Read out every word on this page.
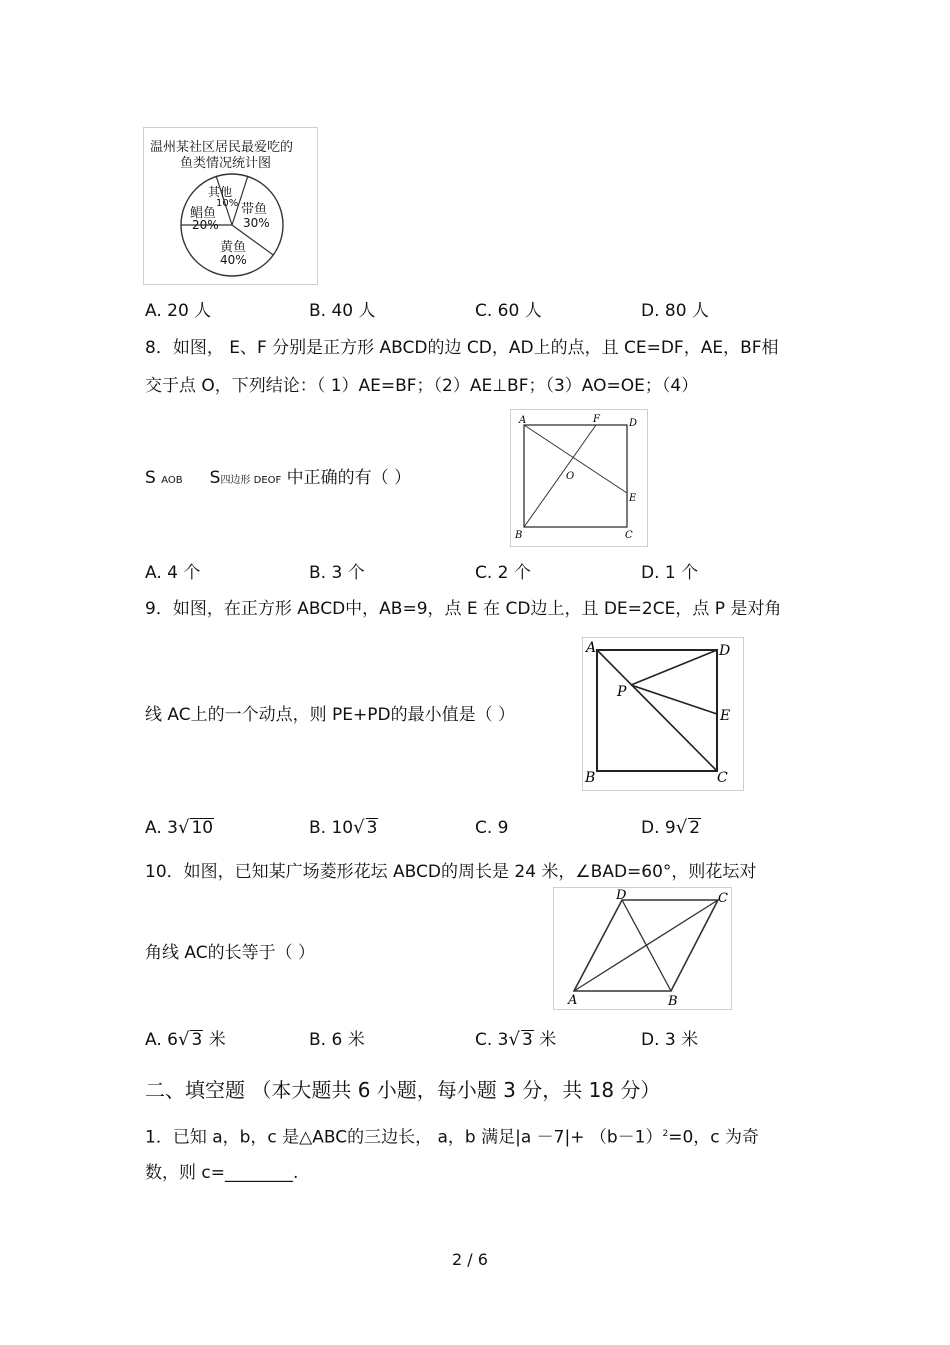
温州某社区居民最爱吃的
鱼类情况统计图
其他
10% 带鱼
30%
鲳鱼
20%
黄鱼
40%
A. 20 人	B. 40 人	C. 60 人	D. 80 人
8．如图， E、F 分别是正方形 ABCD的边 CD，AD上的点，且 CE=DF，AE，BF相
交于点 O，下列结论：（ 1）AE=BF；（2）AE⊥BF；（3）AO=OE；（4）
S AOB S四边形 DEOF 中正确的有（ ）
A	F	D
O
E
B	C
A. 4 个	B. 3 个	C. 2 个	D. 1 个
9．如图，在正方形 ABCD中，AB=9，点 E 在 CD边上，且 DE=2CE，点 P 是对角
线 AC上的一个动点，则 PE+PD的最小值是（ ）
A	D
P
E
B	C
A. 3√ 10	B. 10√ 3	C. 9	D. 9√ 2
10．如图，已知某广场菱形花坛 ABCD的周长是 24 米，∠BAD=60°，则花坛对
角线 AC的长等于（ ）
D	C
A	B
A. 6√ 3 米	B. 6 米	C. 3√ 3 米	D. 3 米
二、填空题 （本大题共 6 小题，每小题 3 分，共 18 分）
1．已知 a，b，c 是△ABC的三边长， a，b 满足$|a -7|+ (b-1)^2=0$，c 为奇
数，则 c=________.
2 / 6
